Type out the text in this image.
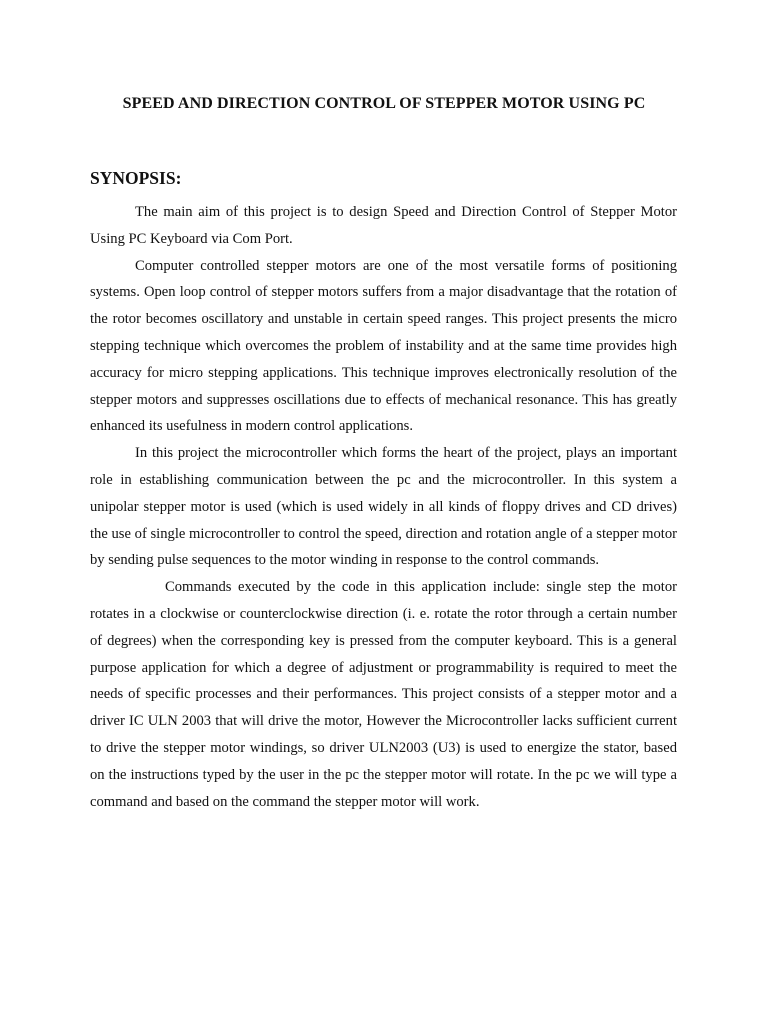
SPEED AND DIRECTION CONTROL OF STEPPER MOTOR USING PC
SYNOPSIS:

The main aim of this project is to design Speed and Direction Control of Stepper Motor Using PC Keyboard via Com Port.

Computer controlled stepper motors are one of the most versatile forms of positioning systems. Open loop control of stepper motors suffers from a major disadvantage that the rotation of the rotor becomes oscillatory and unstable in certain speed ranges. This project presents the micro stepping technique which overcomes the problem of instability and at the same time provides high accuracy for micro stepping applications. This technique improves electronically resolution of the stepper motors and suppresses oscillations due to effects of mechanical resonance. This has greatly enhanced its usefulness in modern control applications.

In this project the microcontroller which forms the heart of the project, plays an important role in establishing communication between the pc and the microcontroller. In this system a unipolar stepper motor is used (which is used widely in all kinds of floppy drives and CD drives) the use of single microcontroller to control the speed, direction and rotation angle of a stepper motor by sending pulse sequences to the motor winding in response to the control commands.

Commands executed by the code in this application include: single step the motor rotates in a clockwise or counterclockwise direction (i. e. rotate the rotor through a certain number of degrees) when the corresponding key is pressed from the computer keyboard. This is a general purpose application for which a degree of adjustment or programmability is required to meet the needs of specific processes and their performances. This project consists of a stepper motor and a driver IC ULN 2003 that will drive the motor, However the Microcontroller lacks sufficient current to drive the stepper motor windings, so driver ULN2003 (U3) is used to energize the stator, based on the instructions typed by the user in the pc the stepper motor will rotate. In the pc we will type a command and based on the command the stepper motor will work.
